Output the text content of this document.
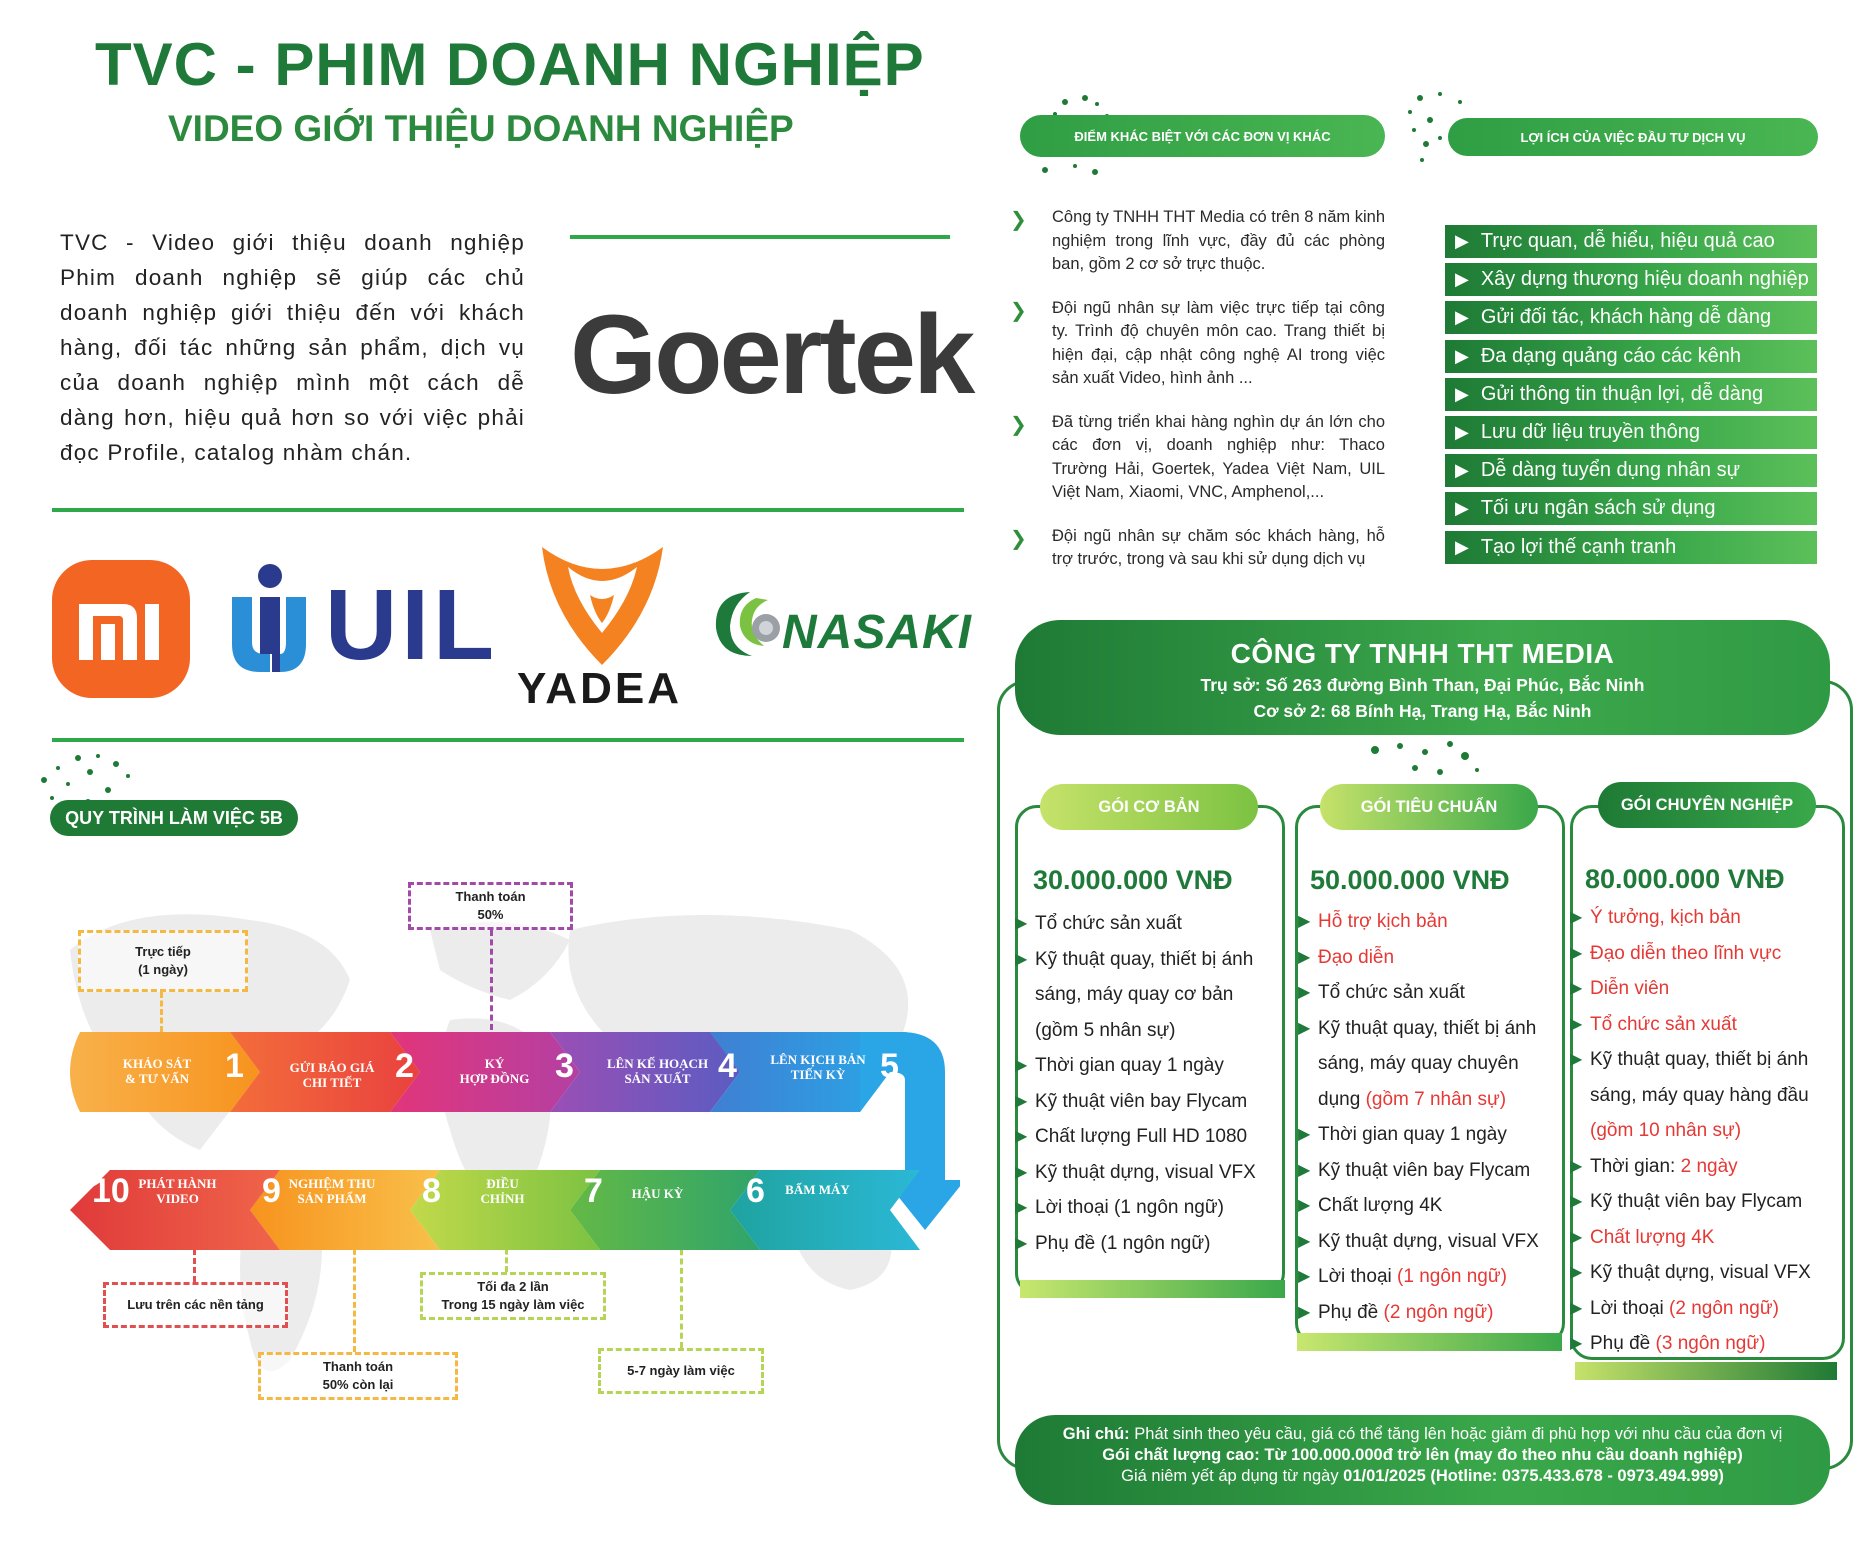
TVC - PHIM DOANH NGHIỆP
VIDEO GIỚI THIỆU DOANH NGHIỆP
TVC - Video giới thiệu doanh nghiệp Phim doanh nghiệp sẽ giúp các chủ doanh nghiệp giới thiệu đến với khách hàng, đối tác những sản phẩm, dịch vụ của doanh nghiệp mình một cách dễ dàng hơn, hiệu quả hơn so với việc phải đọc Profile, catalog nhàm chán.
Goertek
UIL
YADEA
NASAKI
ĐIỂM KHÁC BIỆT VỚI CÁC ĐƠN VỊ KHÁC	LỢI ÍCH CỦA VIỆC ĐẦU TƯ DỊCH VỤ
❯ Công ty TNHH THT Media có trên 8 năm kinh nghiệm trong lĩnh vực, đầy đủ các phòng ban, gồm 2 cơ sở trực thuộc.
❯ Đội ngũ nhân sự làm việc trực tiếp tại công ty. Trình độ chuyên môn cao. Trang thiết bị hiện đại, cập nhật công nghệ AI trong việc sản xuất Video, hình ảnh ...
❯ Đã từng triển khai hàng nghìn dự án lớn cho các đơn vị, doanh nghiệp như: Thaco Trường Hải, Goertek, Yadea Việt Nam, UIL Việt Nam, Xiaomi, VNC, Amphenol,...
❯ Đội ngũ nhân sự chăm sóc khách hàng, hỗ trợ trước, trong và sau khi sử dụng dịch vụ
▶ Trực quan, dễ hiểu, hiệu quả cao
▶ Xây dựng thương hiệu doanh nghiệp
▶ Gửi đối tác, khách hàng dễ dàng
▶ Đa dạng quảng cáo các kênh
▶ Gửi thông tin thuận lợi, dễ dàng
▶ Lưu dữ liệu truyền thông
▶ Dễ dàng tuyển dụng nhân sự
▶ Tối ưu ngân sách sử dụng
▶ Tạo lợi thế cạnh tranh
CÔNG TY TNHH THT MEDIA
Trụ sở: Số 263 đường Bình Than, Đại Phúc, Bắc Ninh
Cơ sở 2: 68 Bính Hạ, Trang Hạ, Bắc Ninh
GÓI CƠ BẢN
30.000.000 VNĐ
▶ Tổ chức sản xuất
▶ Kỹ thuật quay, thiết bị ánh
sáng, máy quay cơ bản
(gồm 5 nhân sự)
▶ Thời gian quay 1 ngày
▶ Kỹ thuật viên bay Flycam
▶ Chất lượng Full HD 1080
▶ Kỹ thuật dựng, visual VFX
▶ Lời thoại (1 ngôn ngữ)
▶ Phụ đề (1 ngôn ngữ)
GÓI TIÊU CHUẨN
50.000.000 VNĐ
▶ Hỗ trợ kịch bản
▶ Đạo diễn
▶ Tổ chức sản xuất
▶ Kỹ thuật quay, thiết bị ánh
sáng, máy quay chuyên
dụng (gồm 7 nhân sự)
▶ Thời gian quay 1 ngày
▶ Kỹ thuật viên bay Flycam
▶ Chất lượng 4K
▶ Kỹ thuật dựng, visual VFX
▶ Lời thoại (1 ngôn ngữ)
▶ Phụ đề (2 ngôn ngữ)
GÓI CHUYÊN NGHIỆP
80.000.000 VNĐ
▶ Ý tưởng, kịch bản
▶ Đạo diễn theo lĩnh vực
▶ Diễn viên
▶ Tổ chức sản xuất
▶ Kỹ thuật quay, thiết bị ánh
sáng, máy quay hàng đầu
(gồm 10 nhân sự)
▶ Thời gian: 2 ngày
▶ Kỹ thuật viên bay Flycam
▶ Chất lượng 4K
▶ Kỹ thuật dựng, visual VFX
▶ Lời thoại (2 ngôn ngữ)
▶ Phụ đề (3 ngôn ngữ)
Ghi chú: Phát sinh theo yêu cầu, giá có thể tăng lên hoặc giảm đi phù hợp với nhu cầu của đơn vị
Gói chất lượng cao: Từ 100.000.000đ trở lên (may đo theo nhu cầu doanh nghiệp)
Giá niêm yết áp dụng từ ngày 01/01/2025 (Hotline: 0375.433.678 - 0973.494.999)
QUY TRÌNH LÀM VIỆC 5B
Trực tiếp
(1 ngày)
Thanh toán
50%
Lưu trên các nền tảng
Thanh toán
50% còn lại
Tối đa 2 lần
Trong 15 ngày làm việc
5-7 ngày làm việc
KHẢO SÁT
& TƯ VẤN	1	GỬI BÁO GIÁ
CHI TIẾT 2	KÝ
HỢP ĐỒNG 3	LÊN KẾ HOẠCH
SẢN XUẤT 4	LÊN KỊCH BẢN
TIẾN KỲ	5
6	BẤM MÁY
7	HẬU KỲ
8	ĐIỀU
CHỈNH
9 NGHIỆM THU
SẢN PHẨM
10 PHÁT HÀNH
VIDEO
